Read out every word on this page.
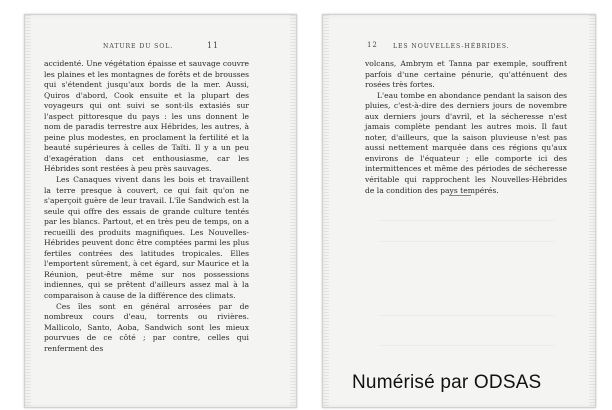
NATURE DU SOL.	11

accidenté. Une végétation épaisse et sauvage couvre les plaines et les montagnes de forêts et de brousses qui s'étendent jusqu'aux bords de la mer. Aussi, Quiros d'abord, Cook ensuite et la plupart des voyageurs qui ont suivi se sont-ils extasiés sur l'aspect pittoresque du pays : les uns donnent le nom de paradis terrestre aux Hébrides, les autres, à peine plus modestes, en proclament la fertilité et la beauté supérieures à celles de Taïti. Il y a un peu d'exagération dans cet enthousiasme, car les Hébrides sont restées à peu près sauvages.

Les Canaques vivent dans les bois et travaillent la terre presque à couvert, ce qui fait qu'on ne s'aperçoit guère de leur travail. L'île Sandwich est la seule qui offre des essais de grande culture tentés par les blancs. Partout, et en très peu de temps, on a recueilli des produits magnifiques. Les Nouvelles-Hébrides peuvent donc être comptées parmi les plus fertiles contrées des latitudes tropicales. Elles l'emportent sûrement, à cet égard, sur Maurice et la Réunion, peut-être même sur nos possessions indiennes, qui se prêtent d'ailleurs assez mal à la comparaison à cause de la différence des climats.

Ces îles sont en général arrosées par de nombreux cours d'eau, torrents ou rivières. Mallicolo, Santo, Aoba, Sandwich sont les mieux pourvues de ce côté ; par contre, celles qui renferment des

12 LES NOUVELLES-HÉBRIDES.

volcans, Ambrym et Tanna par exemple, souffrent parfois d'une certaine pénurie, qu'atténuent des rosées très fortes.

L'eau tombe en abondance pendant la saison des pluies, c'est-à-dire des derniers jours de novembre aux derniers jours d'avril, et la sécheresse n'est jamais complète pendant les autres mois. Il faut noter, d'ailleurs, que la saison pluvieuse n'est pas aussi nettement marquée dans ces régions qu'aux environs de l'équateur ; elle comporte ici des intermittences et même des périodes de sécheresse véritable qui rapprochent les Nouvelles-Hébrides de la condition des pays tempérés.

Numérisé par ODSAS
